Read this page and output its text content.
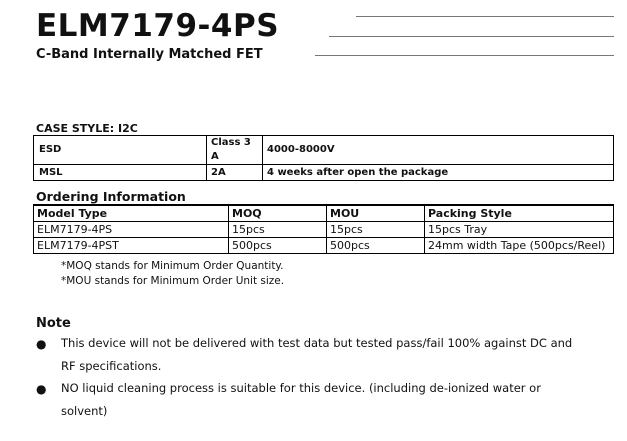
ELM7179-4PS
C-Band Internally Matched FET
CASE STYLE: I2C
ESD	Class 3 A	4000-8000V
MSL	2A	4 weeks after open the package
Ordering Information
Model Type	MOQ	MOU	Packing Style
ELM7179-4PS	15pcs	15pcs	15pcs Tray
ELM7179-4PST	500pcs	500pcs	24mm width Tape (500pcs/Reel)
*MOQ stands for Minimum Order Quantity.
*MOU stands for Minimum Order Unit size.
Note
● This device will not be delivered with test data but tested pass/fail 100% against DC and RF specifications.
● NO liquid cleaning process is suitable for this device. (including de-ionized water or solvent)
